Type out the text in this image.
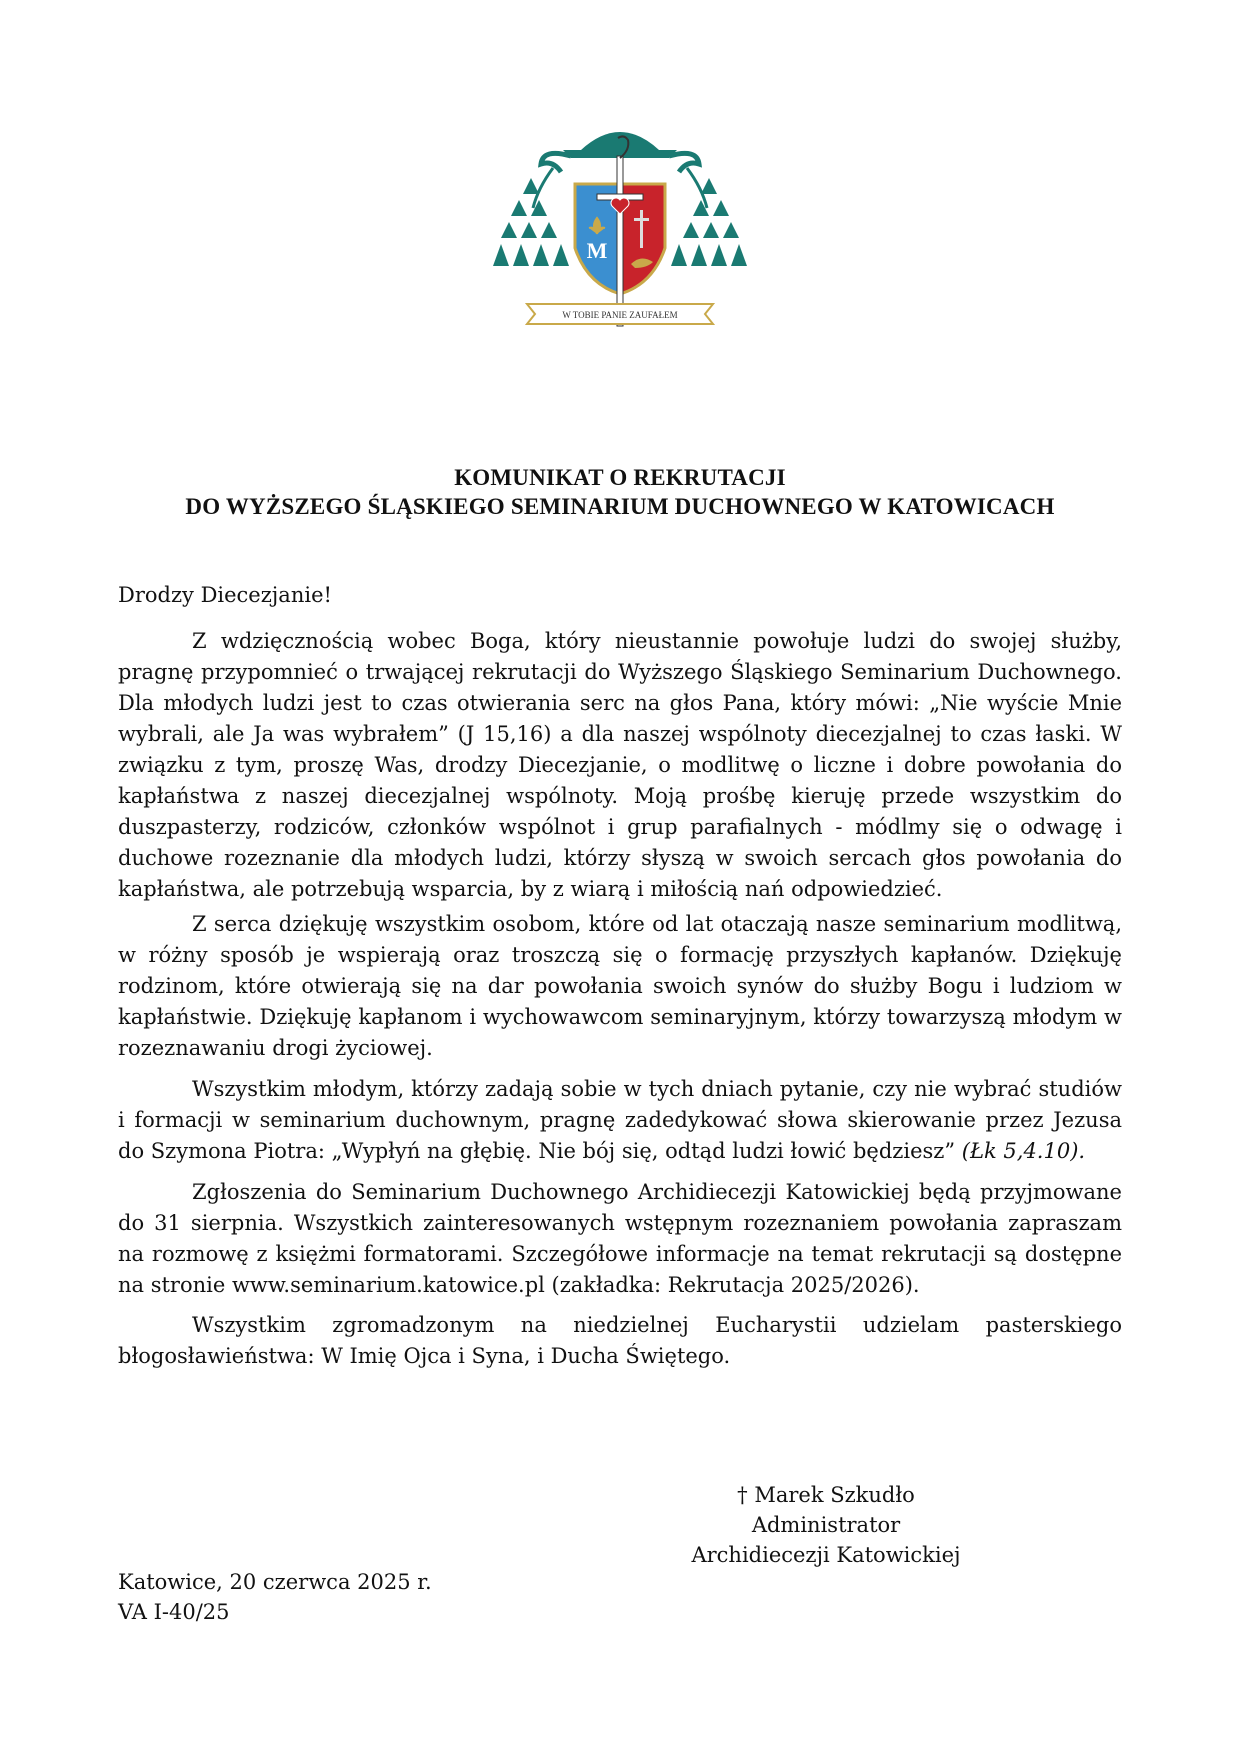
M
W TOBIE PANIE ZAUFAŁEM
KOMUNIKAT O REKRUTACJI
DO WYŻSZEGO ŚLĄSKIEGO SEMINARIUM DUCHOWNEGO W KATOWICACH
Drodzy Diecezjanie!

Z wdzięcznością wobec Boga, który nieustannie powołuje ludzi do swojej służby, pragnę przypomnieć o trwającej rekrutacji do Wyższego Śląskiego Seminarium Duchownego. Dla młodych ludzi jest to czas otwierania serc na głos Pana, który mówi: „Nie wyście Mnie wybrali, ale Ja was wybrałem” (J 15,16) a dla naszej wspólnoty diecezjalnej to czas łaski. W związku z tym, proszę Was, drodzy Diecezjanie, o modlitwę o liczne i dobre powołania do kapłaństwa z naszej diecezjalnej wspólnoty. Moją prośbę kieruję przede wszystkim do duszpasterzy, rodziców, członków wspólnot i grup parafialnych - módlmy się o odwagę i duchowe rozeznanie dla młodych ludzi, którzy słyszą w swoich sercach głos powołania do kapłaństwa, ale potrzebują wsparcia, by z wiarą i miłością nań odpowiedzieć.

Z serca dziękuję wszystkim osobom, które od lat otaczają nasze seminarium modlitwą, w różny sposób je wspierają oraz troszczą się o formację przyszłych kapłanów. Dziękuję rodzinom, które otwierają się na dar powołania swoich synów do służby Bogu i ludziom w kapłaństwie. Dziękuję kapłanom i wychowawcom seminaryjnym, którzy towarzyszą młodym w rozeznawaniu drogi życiowej.

Wszystkim młodym, którzy zadają sobie w tych dniach pytanie, czy nie wybrać studiów i formacji w seminarium duchownym, pragnę zadedykować słowa skierowanie przez Jezusa do Szymona Piotra: „Wypłyń na głębię. Nie bój się, odtąd ludzi łowić będziesz” (Łk 5,4.10).

Zgłoszenia do Seminarium Duchownego Archidiecezji Katowickiej będą przyjmowane do 31 sierpnia. Wszystkich zainteresowanych wstępnym rozeznaniem powołania zapraszam na rozmowę z księżmi formatorami. Szczegółowe informacje na temat rekrutacji są dostępne na stronie www.seminarium.katowice.pl (zakładka: Rekrutacja 2025/2026).

Wszystkim zgromadzonym na niedzielnej Eucharystii udzielam pasterskiego błogosławieństwa: W Imię Ojca i Syna, i Ducha Świętego.

† Marek Szkudło
Administrator
Archidiecezji Katowickiej
Katowice, 20 czerwca 2025 r.
VA I-40/25
